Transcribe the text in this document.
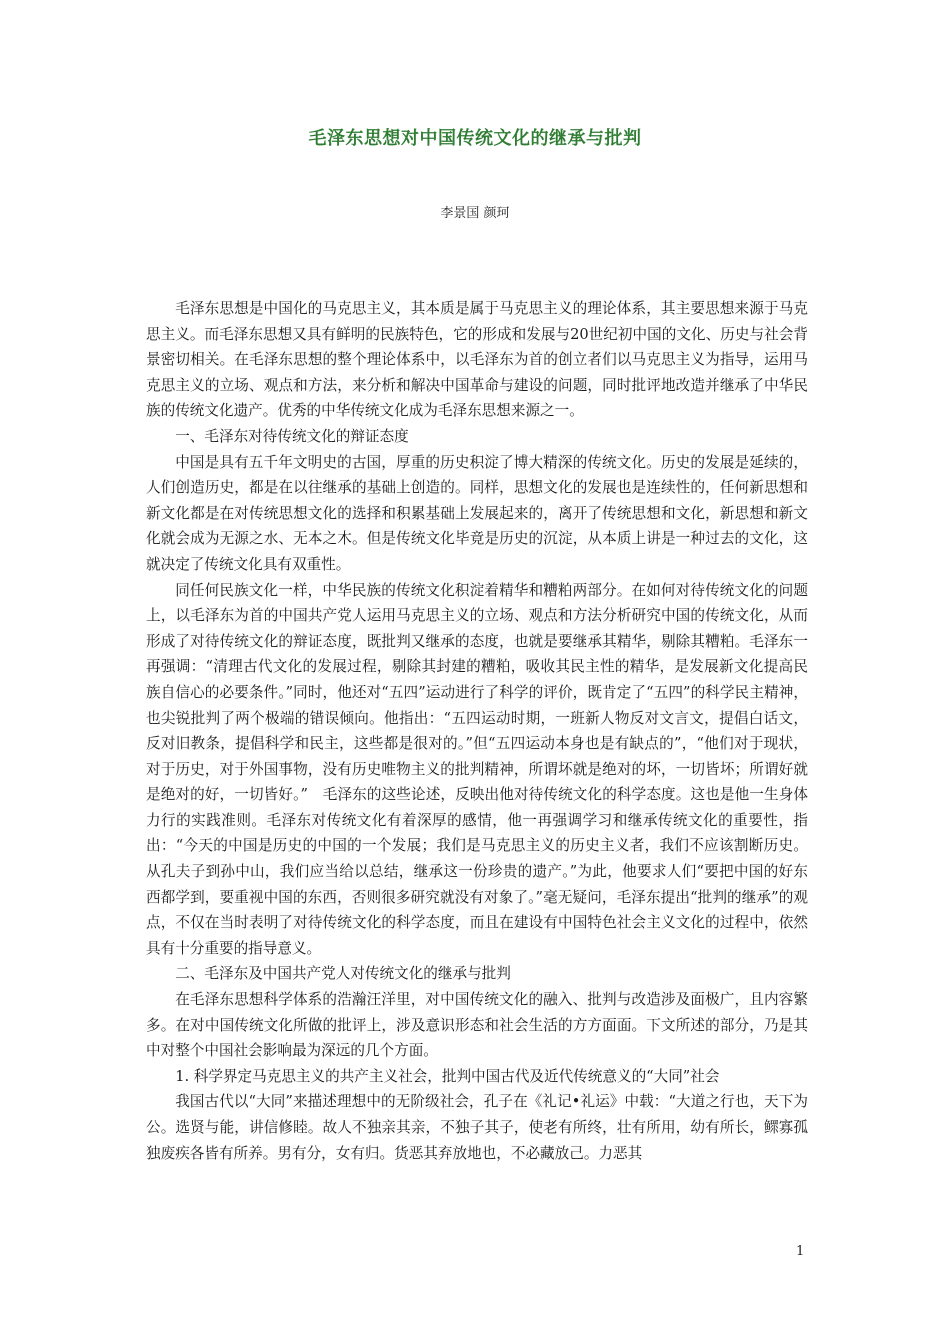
毛泽东思想对中国传统文化的继承与批判
李景国 颜珂

毛泽东思想是中国化的马克思主义，其本质是属于马克思主义的理论体系，其主要思想来源于马克思主义。而毛泽东思想又具有鲜明的民族特色，它的形成和发展与20世纪初中国的文化、历史与社会背景密切相关。在毛泽东思想的整个理论体系中，以毛泽东为首的创立者们以马克思主义为指导，运用马克思主义的立场、观点和方法，来分析和解决中国革命与建设的问题，同时批评地改造并继承了中华民族的传统文化遗产。优秀的中华传统文化成为毛泽东思想来源之一。

一、毛泽东对待传统文化的辩证态度

中国是具有五千年文明史的古国，厚重的历史积淀了博大精深的传统文化。历史的发展是延续的，人们创造历史，都是在以往继承的基础上创造的。同样，思想文化的发展也是连续性的，任何新思想和新文化都是在对传统思想文化的选择和积累基础上发展起来的，离开了传统思想和文化，新思想和新文化就会成为无源之水、无本之木。但是传统文化毕竟是历史的沉淀，从本质上讲是一种过去的文化，这就决定了传统文化具有双重性。

同任何民族文化一样，中华民族的传统文化积淀着精华和糟粕两部分。在如何对待传统文化的问题上，以毛泽东为首的中国共产党人运用马克思主义的立场、观点和方法分析研究中国的传统文化，从而形成了对待传统文化的辩证态度，既批判又继承的态度，也就是要继承其精华，剔除其糟粕。毛泽东一再强调：“清理古代文化的发展过程，剔除其封建的糟粕，吸收其民主性的精华，是发展新文化提高民族自信心的必要条件。”同时，他还对“五四”运动进行了科学的评价，既肯定了“五四”的科学民主精神，也尖锐批判了两个极端的错误倾向。他指出：“五四运动时期，一班新人物反对文言文，提倡白话文，反对旧教条，提倡科学和民主，这些都是很对的。”但“五四运动本身也是有缺点的”，“他们对于现状，对于历史，对于外国事物，没有历史唯物主义的批判精神，所谓坏就是绝对的坏，一切皆坏；所谓好就是绝对的好，一切皆好。”　毛泽东的这些论述，反映出他对待传统文化的科学态度。这也是他一生身体力行的实践准则。毛泽东对传统文化有着深厚的感情，他一再强调学习和继承传统文化的重要性，指出：“今天的中国是历史的中国的一个发展；我们是马克思主义的历史主义者，我们不应该割断历史。从孔夫子到孙中山，我们应当给以总结，继承这一份珍贵的遗产。”为此，他要求人们“要把中国的好东西都学到，要重视中国的东西，否则很多研究就没有对象了。”毫无疑问，毛泽东提出“批判的继承”的观点，不仅在当时表明了对待传统文化的科学态度，而且在建设有中国特色社会主义文化的过程中，依然具有十分重要的指导意义。

二、毛泽东及中国共产党人对传统文化的继承与批判

在毛泽东思想科学体系的浩瀚汪洋里，对中国传统文化的融入、批判与改造涉及面极广，且内容繁多。在对中国传统文化所做的批评上，涉及意识形态和社会生活的方方面面。下文所述的部分，乃是其中对整个中国社会影响最为深远的几个方面。

1. 科学界定马克思主义的共产主义社会，批判中国古代及近代传统意义的“大同”社会

我国古代以“大同”来描述理想中的无阶级社会，孔子在《礼记•礼运》中载：“大道之行也，天下为公。选贤与能，讲信修睦。故人不独亲其亲，不独子其子，使老有所终，壮有所用，幼有所长，鳏寡孤独废疾各皆有所养。男有分，女有归。货恶其弃放地也，不必藏放己。力恶其

1
